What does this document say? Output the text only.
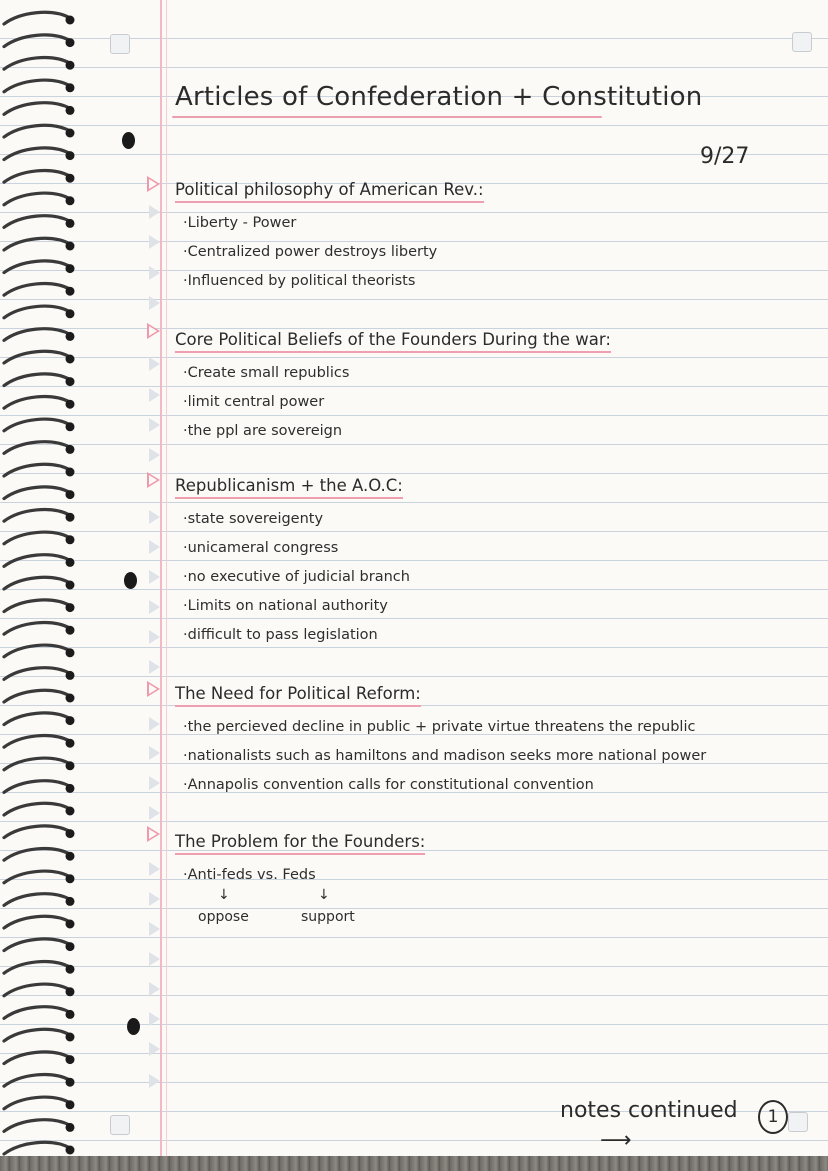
Articles of Confederation + Constitution
9/27
Political philosophy of American Rev.:
· Liberty - Power
· Centralized power destroys liberty
· Influenced by political theorists
Core Political Beliefs of the Founders During the war:
· Create small republics
· limit central power
· the ppl are sovereign
Republicanism + the A.O.C:
· state sovereigenty
· unicameral congress
· no executive of judicial branch
· Limits on national authority
· difficult to pass legislation
The Need for Political Reform:
· the percieved decline in public + private virtue threatens the republic
· nationalists such as hamiltons and madison seeks more national power
· Annapolis convention calls for constitutional convention
The Problem for the Founders:
· Anti-feds vs. Feds
↓
oppose
↓
support
notes continued
⟶
1
